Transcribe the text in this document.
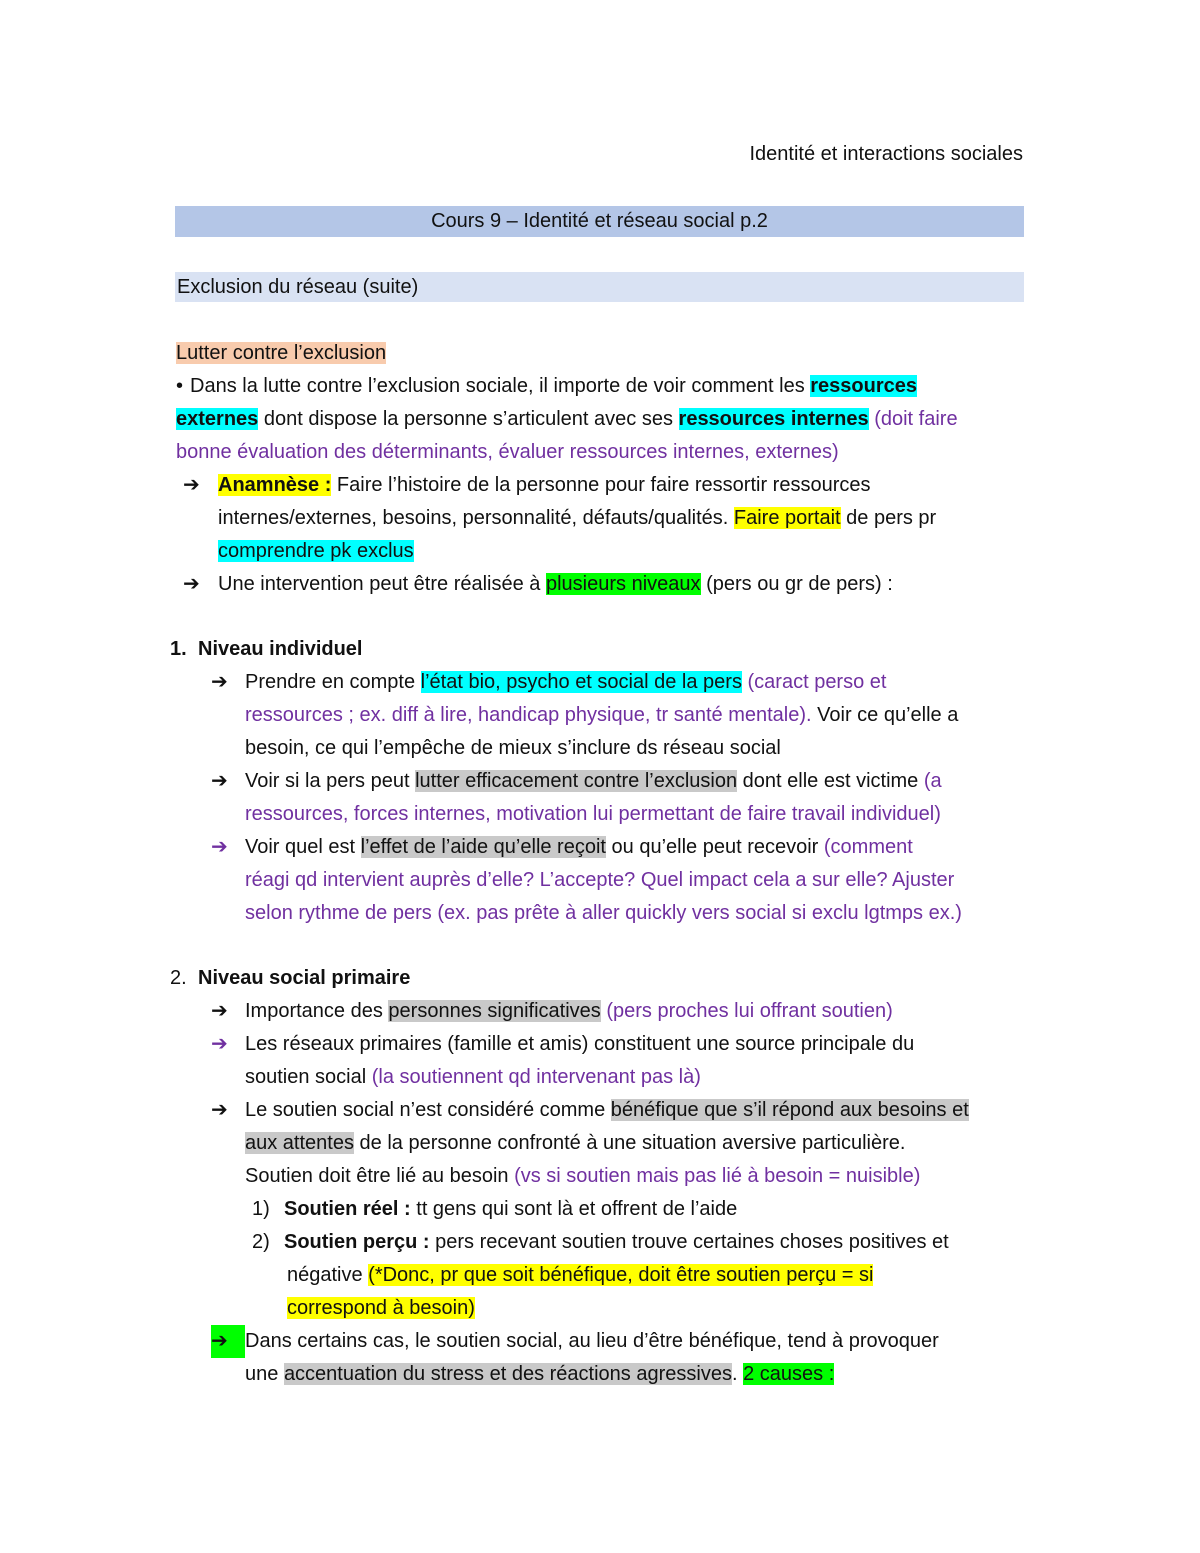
Identité et interactions sociales
Cours 9 – Identité et réseau social p.2
Exclusion du réseau (suite)
Lutter contre l’exclusion
• Dans la lutte contre l’exclusion sociale, il importe de voir comment les ressources
externes dont dispose la personne s’articulent avec ses ressources internes (doit faire
bonne évaluation des déterminants, évaluer ressources internes, externes)
➔ Anamnèse : Faire l’histoire de la personne pour faire ressortir ressources
internes/externes, besoins, personnalité, défauts/qualités. Faire portait de pers pr
comprendre pk exclus
➔ Une intervention peut être réalisée à plusieurs niveaux (pers ou gr de pers) :
1. Niveau individuel
➔ Prendre en compte l’état bio, psycho et social de la pers (caract perso et
ressources ; ex. diff à lire, handicap physique, tr santé mentale). Voir ce qu’elle a
besoin, ce qui l’empêche de mieux s’inclure ds réseau social
➔ Voir si la pers peut lutter efficacement contre l’exclusion dont elle est victime (a
ressources, forces internes, motivation lui permettant de faire travail individuel)
➔ Voir quel est l’effet de l’aide qu’elle reçoit ou qu’elle peut recevoir (comment
réagi qd intervient auprès d’elle? L’accepte? Quel impact cela a sur elle? Ajuster
selon rythme de pers (ex. pas prête à aller quickly vers social si exclu lgtmps ex.)
2. Niveau social primaire
➔ Importance des personnes significatives (pers proches lui offrant soutien)
➔ Les réseaux primaires (famille et amis) constituent une source principale du
soutien social (la soutiennent qd intervenant pas là)
➔ Le soutien social n’est considéré comme bénéfique que s’il répond aux besoins et
aux attentes de la personne confronté à une situation aversive particulière.
Soutien doit être lié au besoin (vs si soutien mais pas lié à besoin = nuisible)
1) Soutien réel : tt gens qui sont là et offrent de l’aide
2) Soutien perçu : pers recevant soutien trouve certaines choses positives et
négative (*Donc, pr que soit bénéfique, doit être soutien perçu = si
correspond à besoin)
➔ Dans certains cas, le soutien social, au lieu d’être bénéfique, tend à provoquer
une accentuation du stress et des réactions agressives. 2 causes :
